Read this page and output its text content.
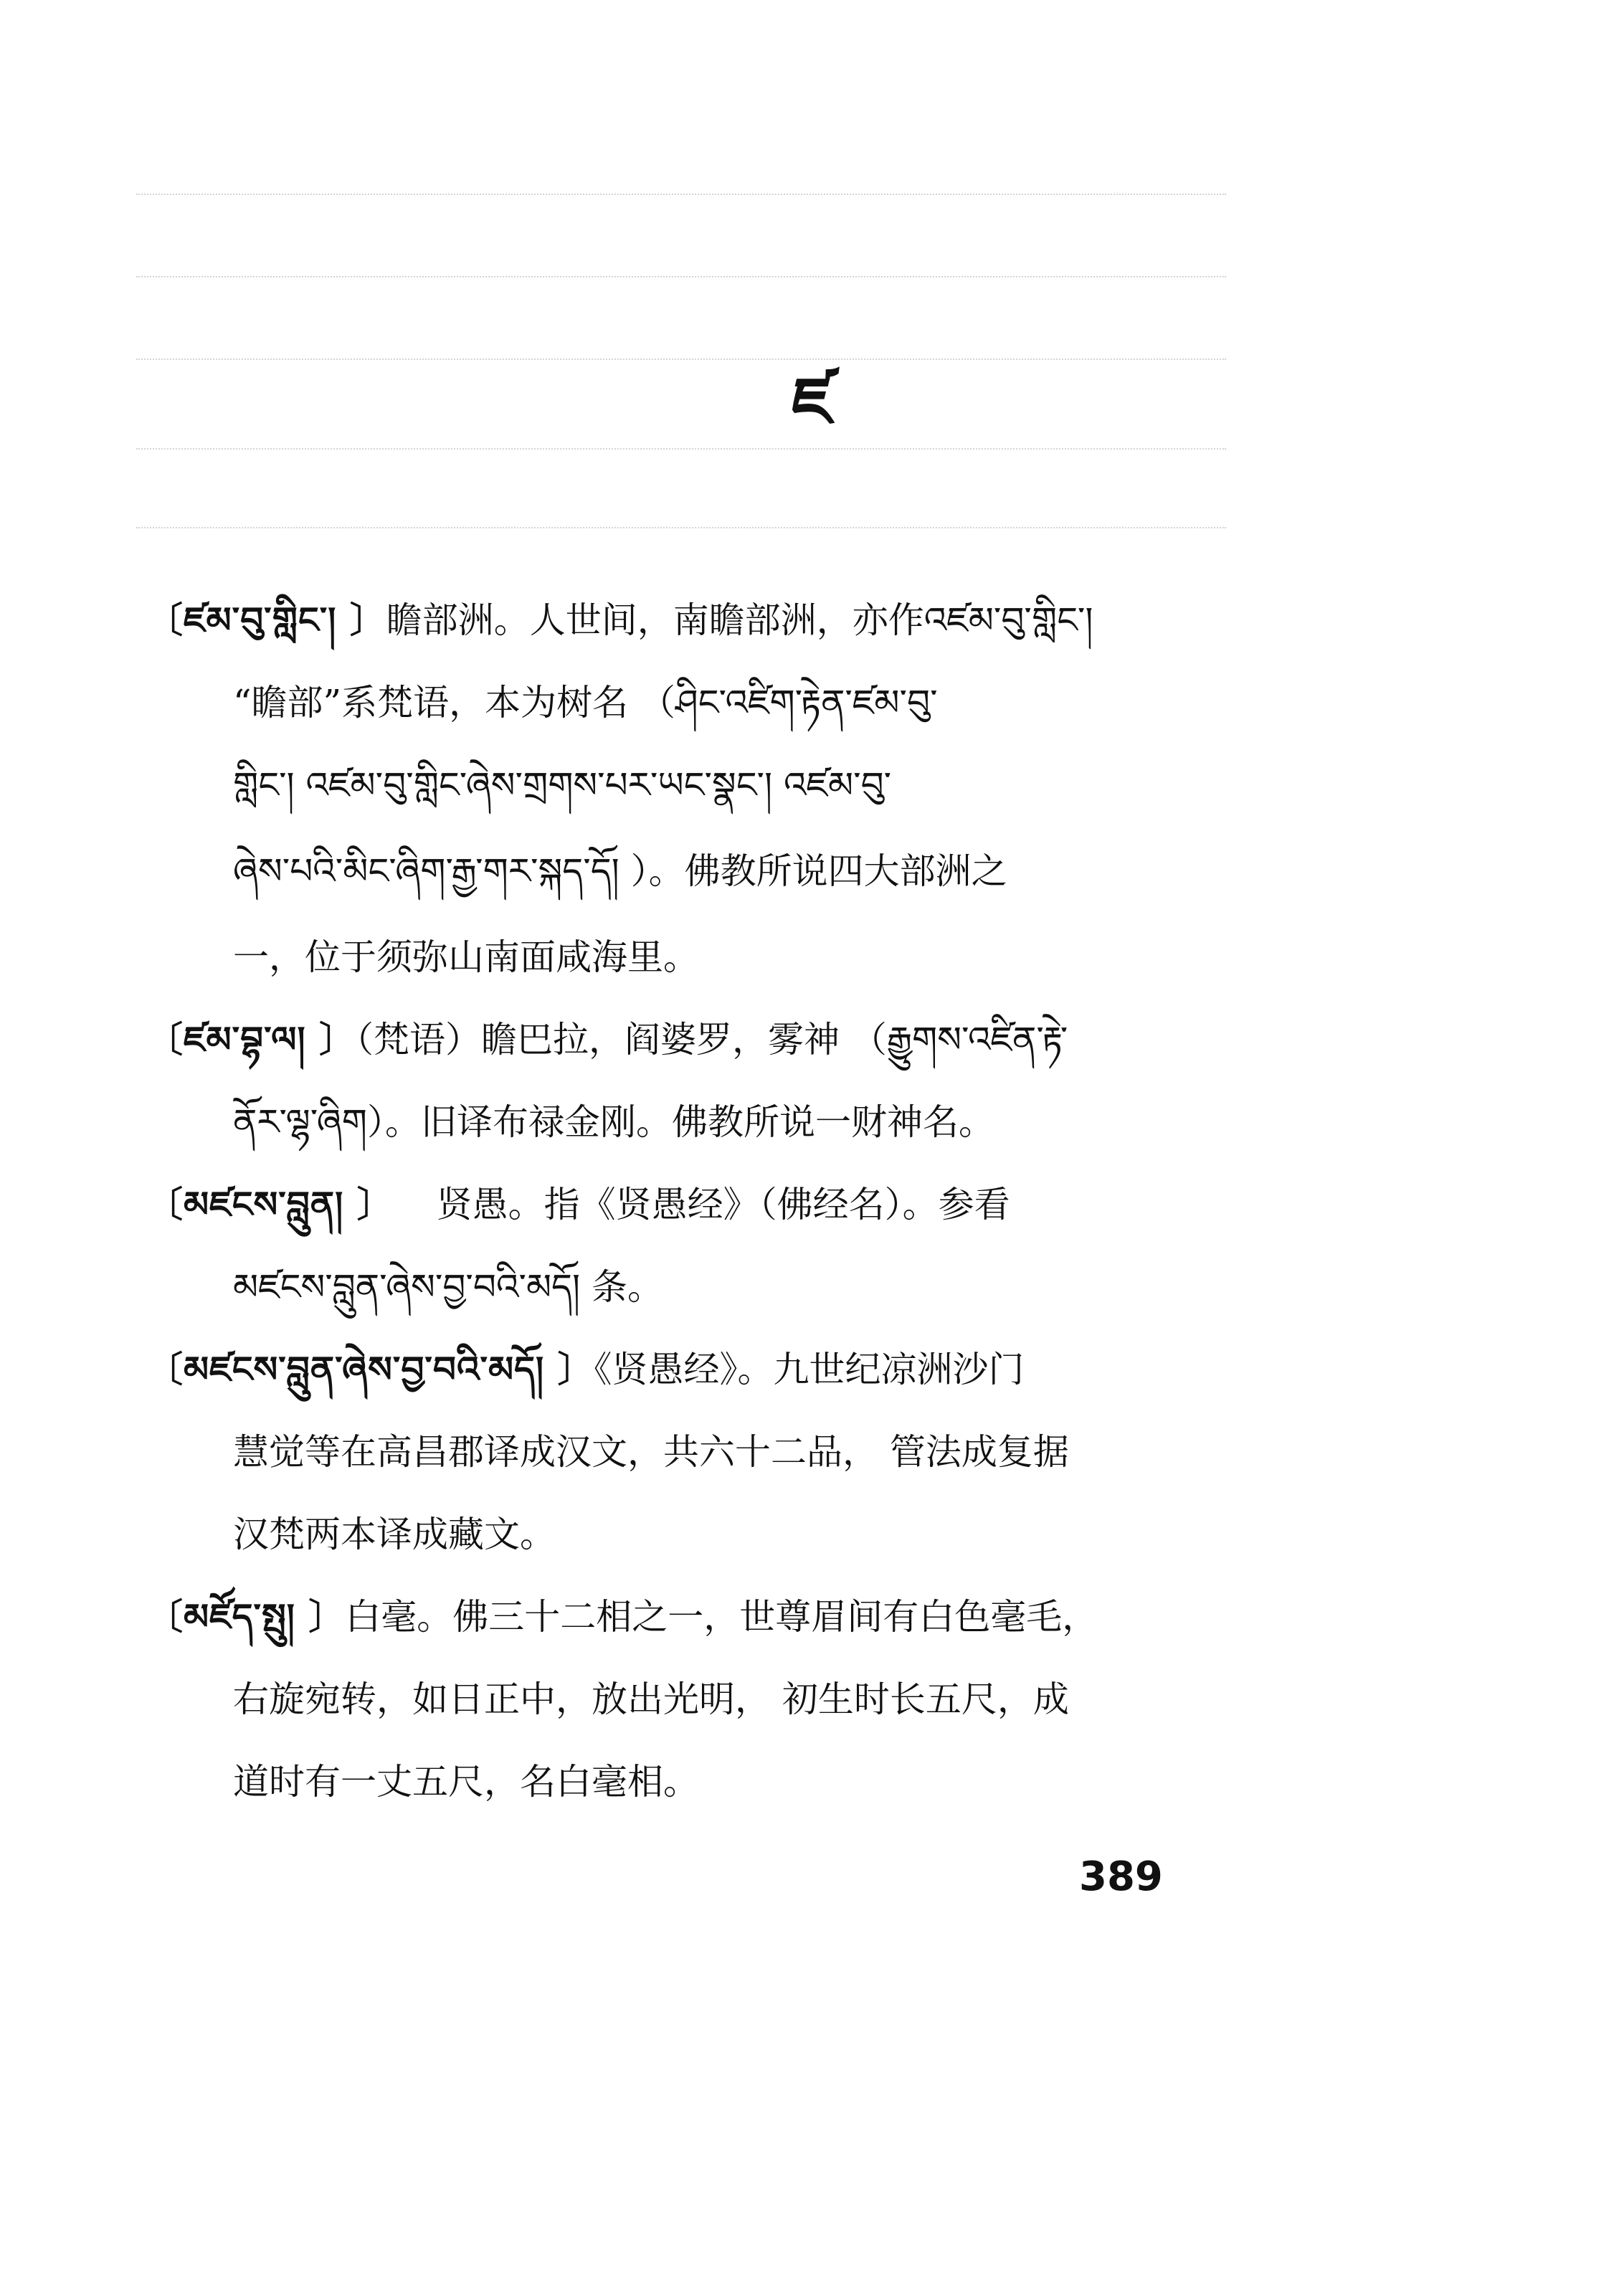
ཛ
〔ཛམ་བུ་གླིང་། 〕瞻部洲。人世间，南瞻部洲，亦作འཛམ་བུ་གླིང་།
“瞻部”系梵语，本为树名 （ཤིང་འཛིག་རྟེན་ཛམ་བུ་
གླིང་། འཛམ་བུ་གླིང་ཞེས་གྲགས་པར་ཡང་སྣང་། འཛམ་བུ་
ཞེས་པའི་མིང་ཞིག་རྒྱ་གར་སྐད་དོ། ）。佛教所说四大部洲之
一，位于须弥山南面咸海里。
〔ཛམ་བྷ་ལ། 〕（梵语）瞻巴拉，阎婆罗，雾神 （རྒྱུགས་འཛིན་རྟེ་
ནོར་ལྷ་ཞིག）。旧译布禄金刚。佛教所说一财神名。
〔མཛངས་བླུན། 〕 贤愚。指《贤愚经》（佛经名）。参看
མཛངས་བླུན་ཞེས་བྱ་བའི་མདོ། 条。
〔མཛངས་བླུན་ཞེས་བྱ་བའི་མདོ། 〕《贤愚经》。九世纪凉洲沙门
慧觉等在高昌郡译成汉文，共六十二品， 管法成复据
汉梵两本译成藏文。
〔མཛོད་སྤུ། 〕白毫。佛三十二相之一，世尊眉间有白色毫毛，
右旋宛转，如日正中，放出光明， 初生时长五尺，成
道时有一丈五尺，名白毫相。
389
